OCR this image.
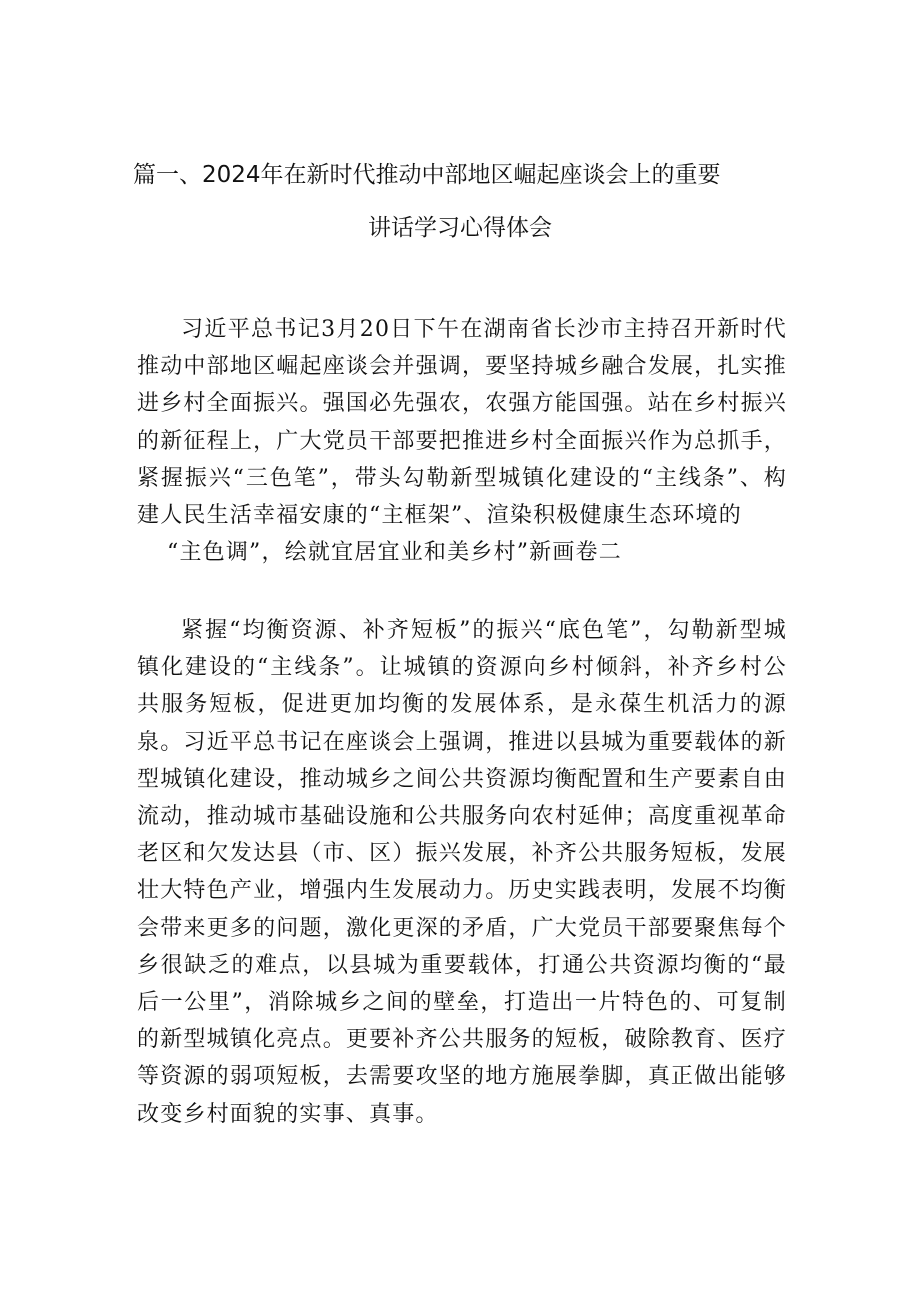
篇一、2024年在新时代推动中部地区崛起座谈会上的重要
讲话学习心得体会

习近平总书记3月20日下午在湖南省长沙市主持召开新时代推动中部地区崛起座谈会并强调，要坚持城乡融合发展，扎实推进乡村全面振兴。强国必先强农，农强方能国强。站在乡村振兴的新征程上，广大党员干部要把推进乡村全面振兴作为总抓手，紧握振兴“三色笔”，带头勾勒新型城镇化建设的“主线条”、构建人民生活幸福安康的“主框架”、渲染积极健康生态环境的

“主色调”，绘就宜居宜业和美乡村”新画卷二

紧握“均衡资源、补齐短板”的振兴“底色笔”，勾勒新型城镇化建设的“主线条”。让城镇的资源向乡村倾斜，补齐乡村公共服务短板，促进更加均衡的发展体系，是永葆生机活力的源泉。习近平总书记在座谈会上强调，推进以县城为重要载体的新型城镇化建设，推动城乡之间公共资源均衡配置和生产要素自由流动，推动城市基础设施和公共服务向农村延伸；高度重视革命老区和欠发达县（市、区）振兴发展，补齐公共服务短板，发展壮大特色产业，增强内生发展动力。历史实践表明，发展不均衡会带来更多的问题，激化更深的矛盾，广大党员干部要聚焦每个乡很缺乏的难点，以县城为重要载体，打通公共资源均衡的“最后一公里”，消除城乡之间的壁垒，打造出一片特色的、可复制的新型城镇化亮点。更要补齐公共服务的短板，破除教育、医疗等资源的弱项短板，去需要攻坚的地方施展拳脚，真正做出能够改变乡村面貌的实事、真事。
